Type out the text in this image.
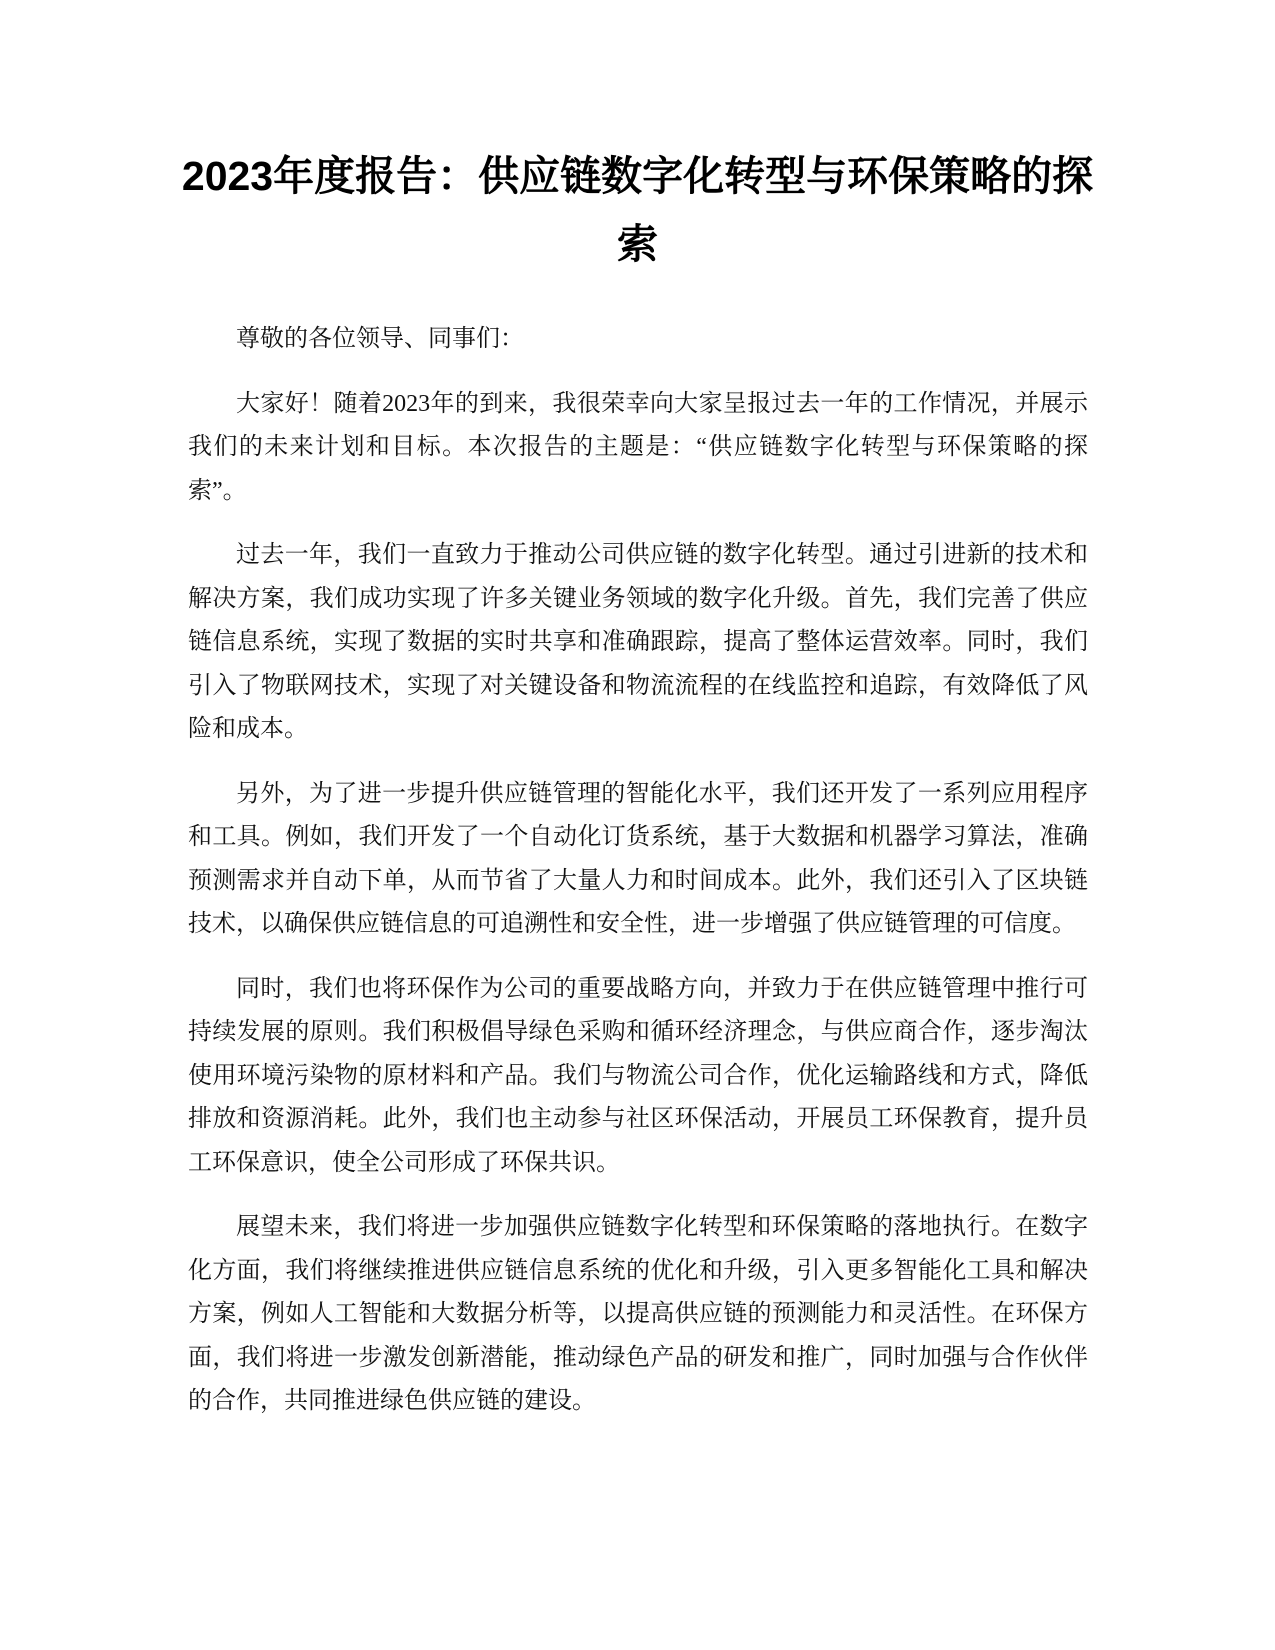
2023年度报告：供应链数字化转型与环保策略的探索

尊敬的各位领导、同事们：

大家好！随着2023年的到来，我很荣幸向大家呈报过去一年的工作情况，并展示我们的未来计划和目标。本次报告的主题是：“供应链数字化转型与环保策略的探索”。

过去一年，我们一直致力于推动公司供应链的数字化转型。通过引进新的技术和解决方案，我们成功实现了许多关键业务领域的数字化升级。首先，我们完善了供应链信息系统，实现了数据的实时共享和准确跟踪，提高了整体运营效率。同时，我们引入了物联网技术，实现了对关键设备和物流流程的在线监控和追踪，有效降低了风险和成本。

另外，为了进一步提升供应链管理的智能化水平，我们还开发了一系列应用程序和工具。例如，我们开发了一个自动化订货系统，基于大数据和机器学习算法，准确预测需求并自动下单，从而节省了大量人力和时间成本。此外，我们还引入了区块链技术，以确保供应链信息的可追溯性和安全性，进一步增强了供应链管理的可信度。

同时，我们也将环保作为公司的重要战略方向，并致力于在供应链管理中推行可持续发展的原则。我们积极倡导绿色采购和循环经济理念，与供应商合作，逐步淘汰使用环境污染物的原材料和产品。我们与物流公司合作，优化运输路线和方式，降低排放和资源消耗。此外，我们也主动参与社区环保活动，开展员工环保教育，提升员工环保意识，使全公司形成了环保共识。

展望未来，我们将进一步加强供应链数字化转型和环保策略的落地执行。在数字化方面，我们将继续推进供应链信息系统的优化和升级，引入更多智能化工具和解决方案，例如人工智能和大数据分析等，以提高供应链的预测能力和灵活性。在环保方面，我们将进一步激发创新潜能，推动绿色产品的研发和推广，同时加强与合作伙伴的合作，共同推进绿色供应链的建设。
